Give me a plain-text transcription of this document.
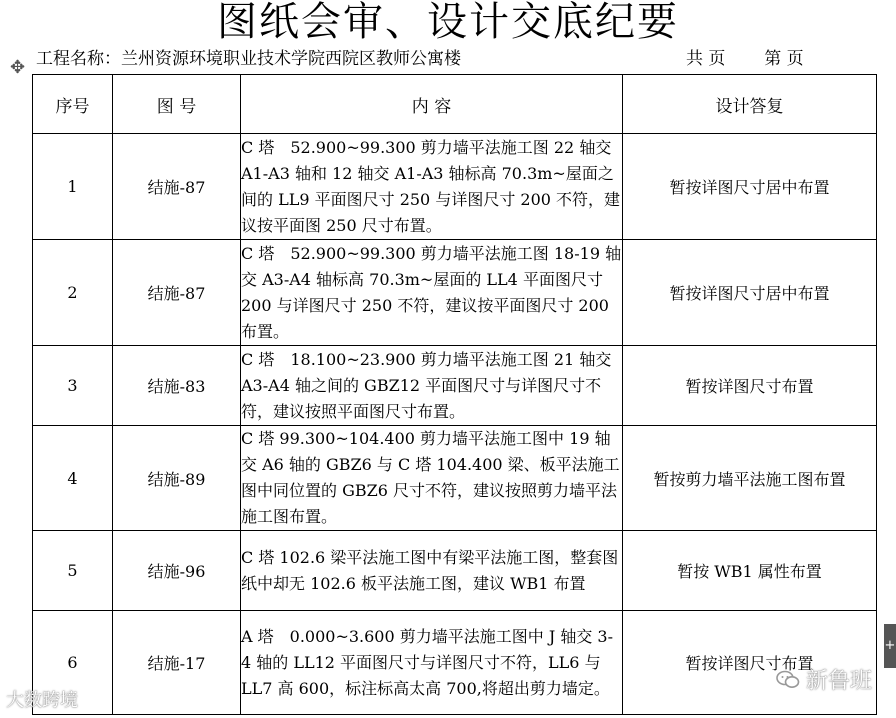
图纸会审、设计交底纪要
✥
工程名称：兰州资源环境职业技术学院西院区教师公寓楼	共 页 第 页
序号	图 号	内 容	设计答复
1	结施-87	C 塔　52.900~99.300 剪力墙平法施工图 22 轴交 A1-A3 轴和 12 轴交 A1-A3 轴标高 70.3m~屋面之间的 LL9 平面图尺寸 250 与详图尺寸 200 不符，建议按平面图 250 尺寸布置。	暂按详图尺寸居中布置
2	结施-87	C 塔　52.900~99.300 剪力墙平法施工图 18-19 轴交 A3-A4 轴标高 70.3m~屋面的 LL4 平面图尺寸 200 与详图尺寸 250 不符，建议按平面图尺寸 200 布置。	暂按详图尺寸居中布置
3	结施-83	C 塔　18.100~23.900 剪力墙平法施工图 21 轴交 A3-A4 轴之间的 GBZ12 平面图尺寸与详图尺寸不符，建议按照平面图尺寸布置。	暂按详图尺寸布置
4	结施-89	C 塔 99.300~104.400 剪力墙平法施工图中 19 轴交 A6 轴的 GBZ6 与 C 塔 104.400 梁、板平法施工图中同位置的 GBZ6 尺寸不符，建议按照剪力墙平法施工图布置。	暂按剪力墙平法施工图布置
5	结施-96	C 塔 102.6 梁平法施工图中有梁平法施工图，整套图纸中却无 102.6 板平法施工图，建议 WB1 布置	暂按 WB1 属性布置
6	结施-17	A 塔　0.000~3.600 剪力墙平法施工图中 J 轴交 3-4 轴的 LL12 平面图尺寸与详图尺寸不符，LL6 与 LL7 高 600，标注标高太高 700,将超出剪力墙定。	暂按详图尺寸布置
+
大数跨境
新鲁班
